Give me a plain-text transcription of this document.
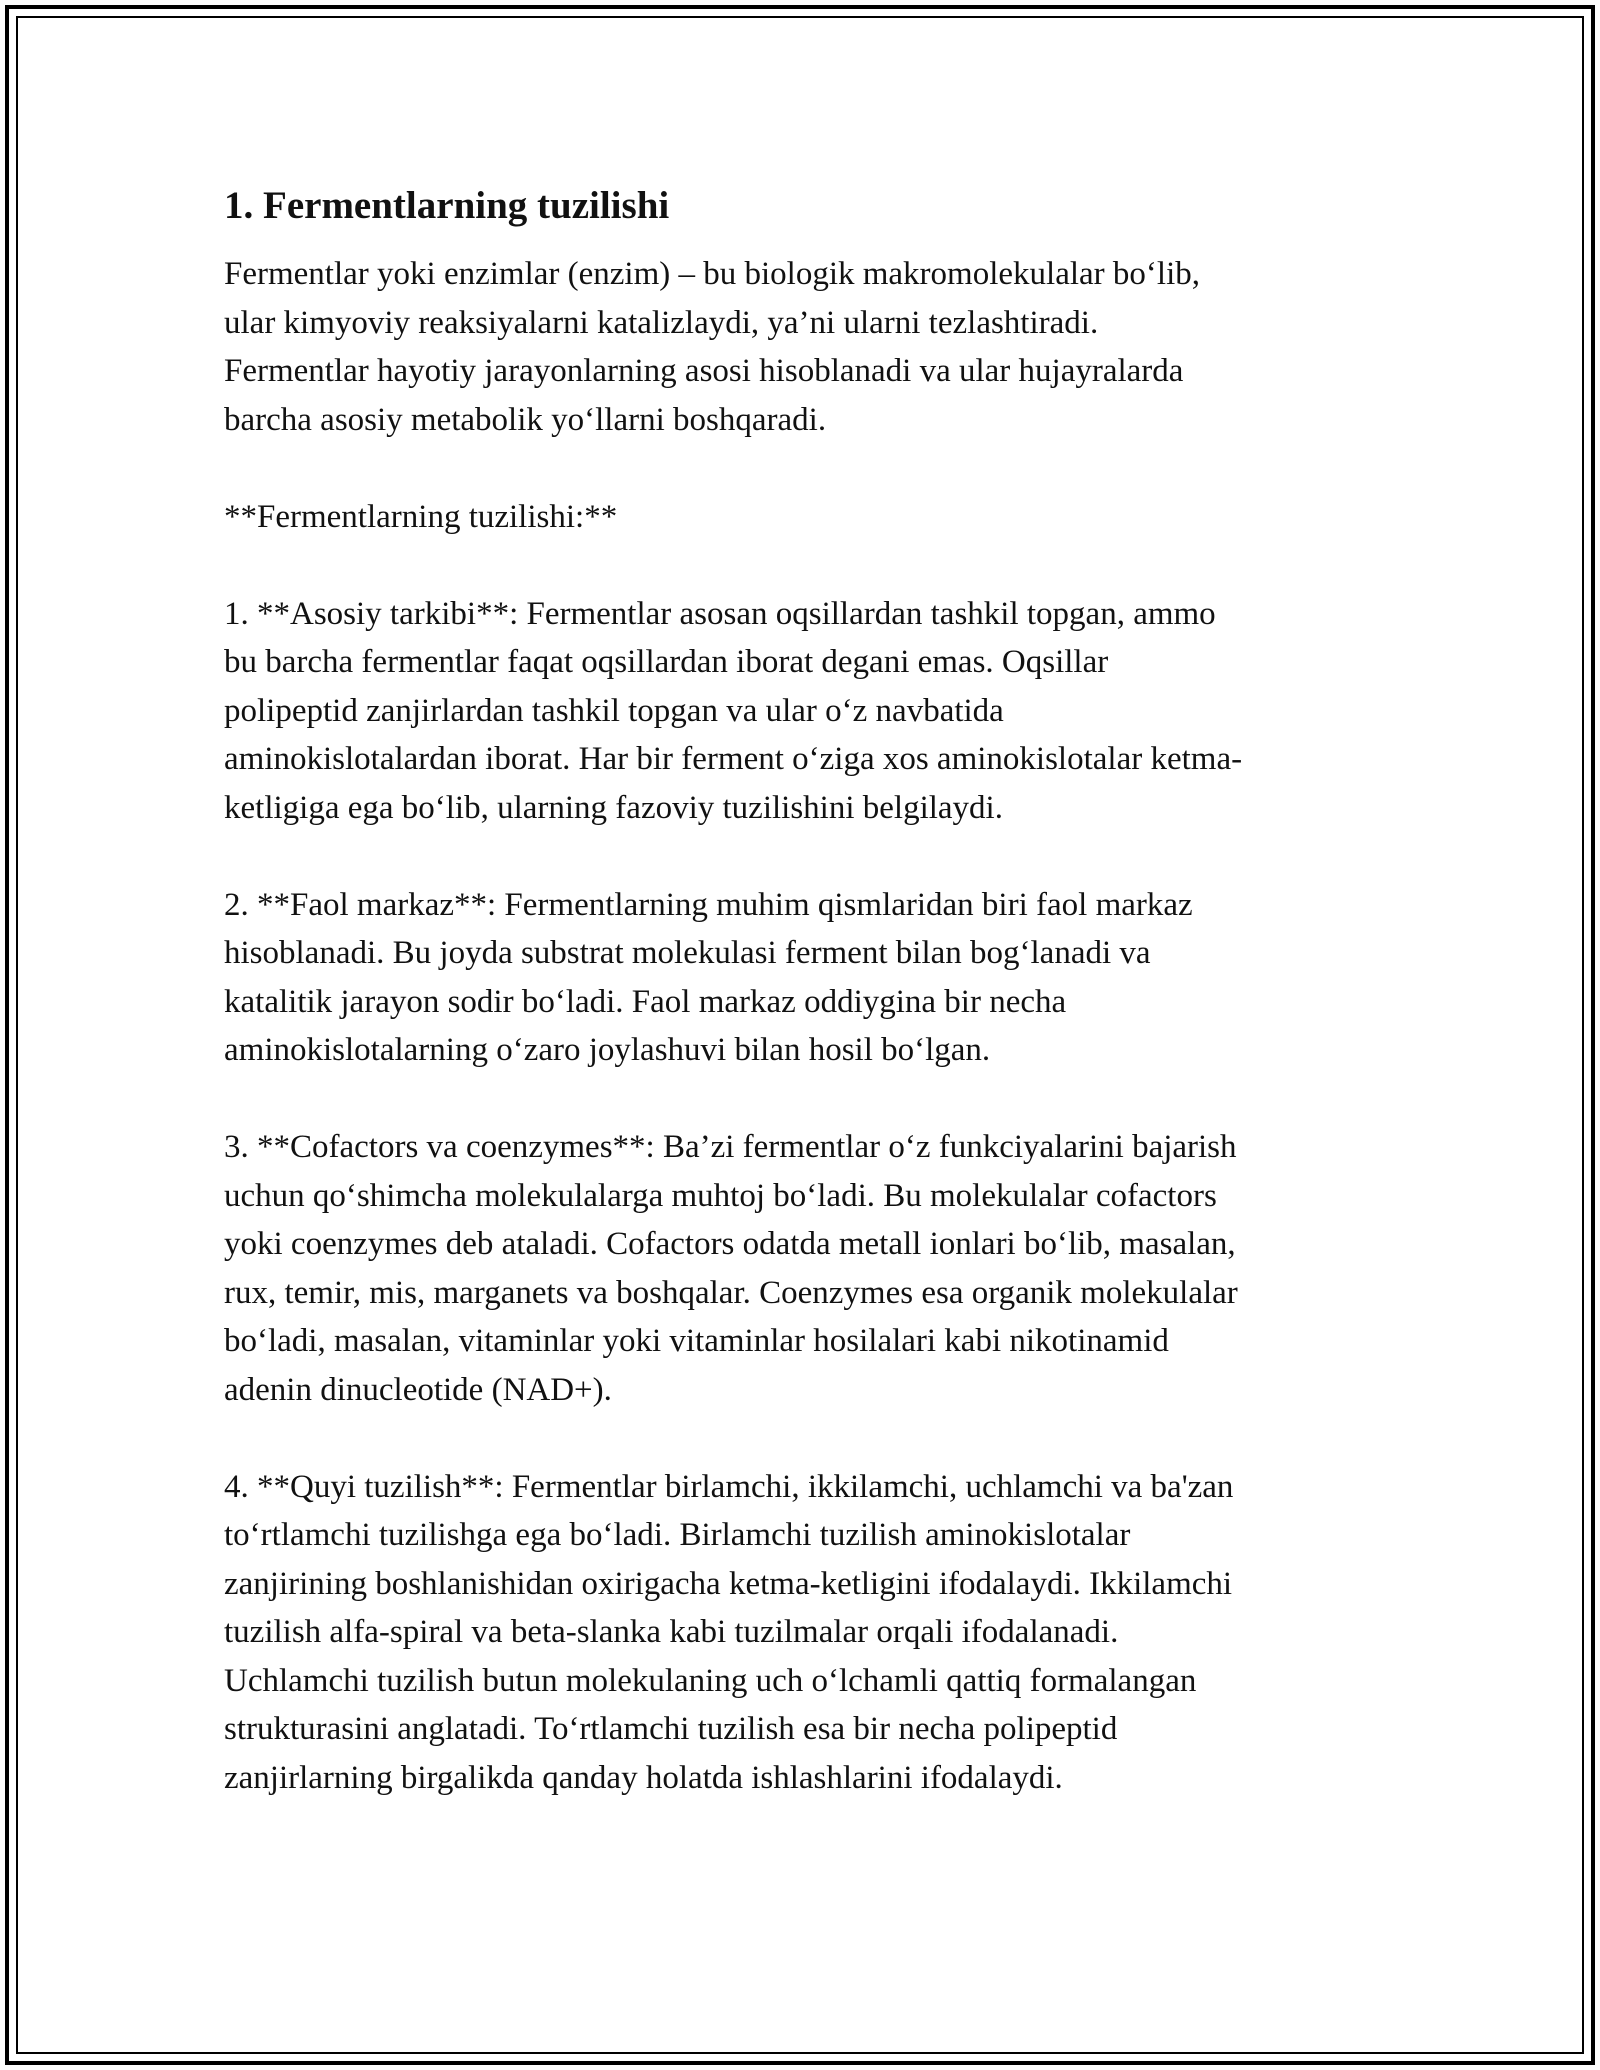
1. Fermentlarning tuzilishi

Fermentlar yoki enzimlar (enzim) – bu biologik makromolekulalar bo‘lib,
ular kimyoviy reaksiyalarni katalizlaydi, ya’ni ularni tezlashtiradi.
Fermentlar hayotiy jarayonlarning asosi hisoblanadi va ular hujayralarda
barcha asosiy metabolik yo‘llarni boshqaradi.

**Fermentlarning tuzilishi:**

1. **Asosiy tarkibi**: Fermentlar asosan oqsillardan tashkil topgan, ammo
bu barcha fermentlar faqat oqsillardan iborat degani emas. Oqsillar
polipeptid zanjirlardan tashkil topgan va ular o‘z navbatida
aminokislotalardan iborat. Har bir ferment o‘ziga xos aminokislotalar ketma-
ketligiga ega bo‘lib, ularning fazoviy tuzilishini belgilaydi.

2. **Faol markaz**: Fermentlarning muhim qismlaridan biri faol markaz
hisoblanadi. Bu joyda substrat molekulasi ferment bilan bog‘lanadi va
katalitik jarayon sodir bo‘ladi. Faol markaz oddiygina bir necha
aminokislotalarning o‘zaro joylashuvi bilan hosil bo‘lgan.

3. **Cofactors va coenzymes**: Ba’zi fermentlar o‘z funkciyalarini bajarish
uchun qo‘shimcha molekulalarga muhtoj bo‘ladi. Bu molekulalar cofactors
yoki coenzymes deb ataladi. Cofactors odatda metall ionlari bo‘lib, masalan,
rux, temir, mis, marganets va boshqalar. Coenzymes esa organik molekulalar
bo‘ladi, masalan, vitaminlar yoki vitaminlar hosilalari kabi nikotinamid
adenin dinucleotide (NAD+).

4. **Quyi tuzilish**: Fermentlar birlamchi, ikkilamchi, uchlamchi va ba'zan
to‘rtlamchi tuzilishga ega bo‘ladi. Birlamchi tuzilish aminokislotalar
zanjirining boshlanishidan oxirigacha ketma-ketligini ifodalaydi. Ikkilamchi
tuzilish alfa-spiral va beta-slanka kabi tuzilmalar orqali ifodalanadi.
Uchlamchi tuzilish butun molekulaning uch o‘lchamli qattiq formalangan
strukturasini anglatadi. To‘rtlamchi tuzilish esa bir necha polipeptid
zanjirlarning birgalikda qanday holatda ishlashlarini ifodalaydi.
